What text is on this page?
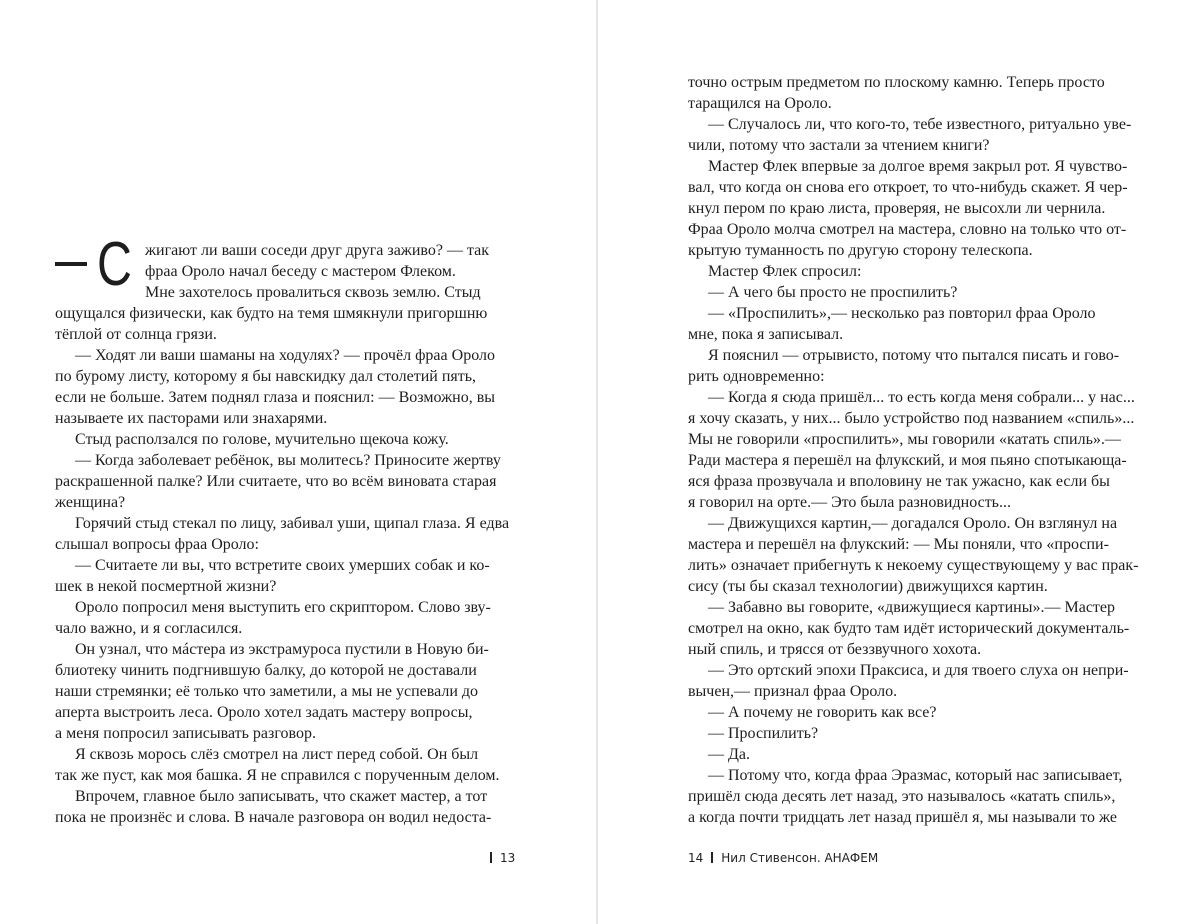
С жигают ли ваши соседи друг друга заживо? — так
фраа Ороло начал беседу с мастером Флеком.
Мне захотелось провалиться сквозь землю. Стыд
ощущался физически, как будто на темя шмякнули пригоршню
тёплой от солнца грязи.
— Ходят ли ваши шаманы на ходулях? — прочёл фраа Ороло
по бурому листу, которому я бы навскидку дал столетий пять,
если не больше. Затем поднял глаза и пояснил: — Возможно, вы
называете их пасторами или знахарями.
Стыд расползался по голове, мучительно щекоча кожу.
— Когда заболевает ребёнок, вы молитесь? Приносите жертву
раскрашенной палке? Или считаете, что во всём виновата старая
женщина?
Горячий стыд стекал по лицу, забивал уши, щипал глаза. Я едва
слышал вопросы фраа Ороло:
— Считаете ли вы, что встретите своих умерших собак и ко-
шек в некой посмертной жизни?
Ороло попросил меня выступить его скриптором. Слово зву-
чало важно, и я согласился.
Он узнал, что мáстера из экстрамуроса пустили в Новую би-
блиотеку чинить подгнившую балку, до которой не доставали
наши стремянки; её только что заметили, а мы не успевали до
аперта выстроить леса. Ороло хотел задать мастеру вопросы,
а меня попросил записывать разговор.
Я сквозь морось слёз смотрел на лист перед собой. Он был
так же пуст, как моя башка. Я не справился с порученным делом.
Впрочем, главное было записывать, что скажет мастер, а тот
пока не произнёс и слова. В начале разговора он водил недоста-
13
точно острым предметом по плоскому камню. Теперь просто
таращился на Ороло.
— Случалось ли, что кого-то, тебе известного, ритуально увe-
чили, потому что застали за чтением книги?
Мастер Флек впервые за долгое время закрыл рот. Я чувство-
вал, что когда он снова его откроет, то что-нибудь скажет. Я чер-
кнул пером по краю листа, проверяя, не высохли ли чернила.
Фраа Ороло молча смотрел на мастера, словно на только что от-
крытую туманность по другую сторону телескопа.
Мастер Флек спросил:
— А чего бы просто не проспилить?
— «Проспилить»,— несколько раз повторил фраа Ороло
мне, пока я записывал.
Я пояснил — отрывисто, потому что пытался писать и гово-
рить одновременно:
— Когда я сюда пришёл... то есть когда меня собрали... у нас...
я хочу сказать, у них... было устройство под названием «спиль»...
Мы не говорили «проспилить», мы говорили «катать спиль».—
Ради мастера я перешёл на флукский, и моя пьяно спотыкающа-
яся фраза прозвучала и вполовину не так ужасно, как если бы
я говорил на орте.— Это была разновидность...
— Движущихся картин,— догадался Ороло. Он взглянул на
мастера и перешёл на флукский: — Мы поняли, что «проспи-
лить» означает прибегнуть к некоему существующему у вас прак-
сису (ты бы сказал технологии) движущихся картин.
— Забавно вы говорите, «движущиеся картины».— Мастер
смотрел на окно, как будто там идёт исторический документаль-
ный спиль, и трясся от беззвучного хохота.
— Это ортский эпохи Праксиса, и для твоего слуха он непри-
вычен,— признал фраа Ороло.
— А почему не говорить как все?
— Проспилить?
— Да.
— Потому что, когда фраа Эразмас, который нас записывает,
пришёл сюда десять лет назад, это называлось «катать спиль»,
а когда почти тридцать лет назад пришёл я, мы называли то же
14 Нил Стивенсон. АНАФЕМ
